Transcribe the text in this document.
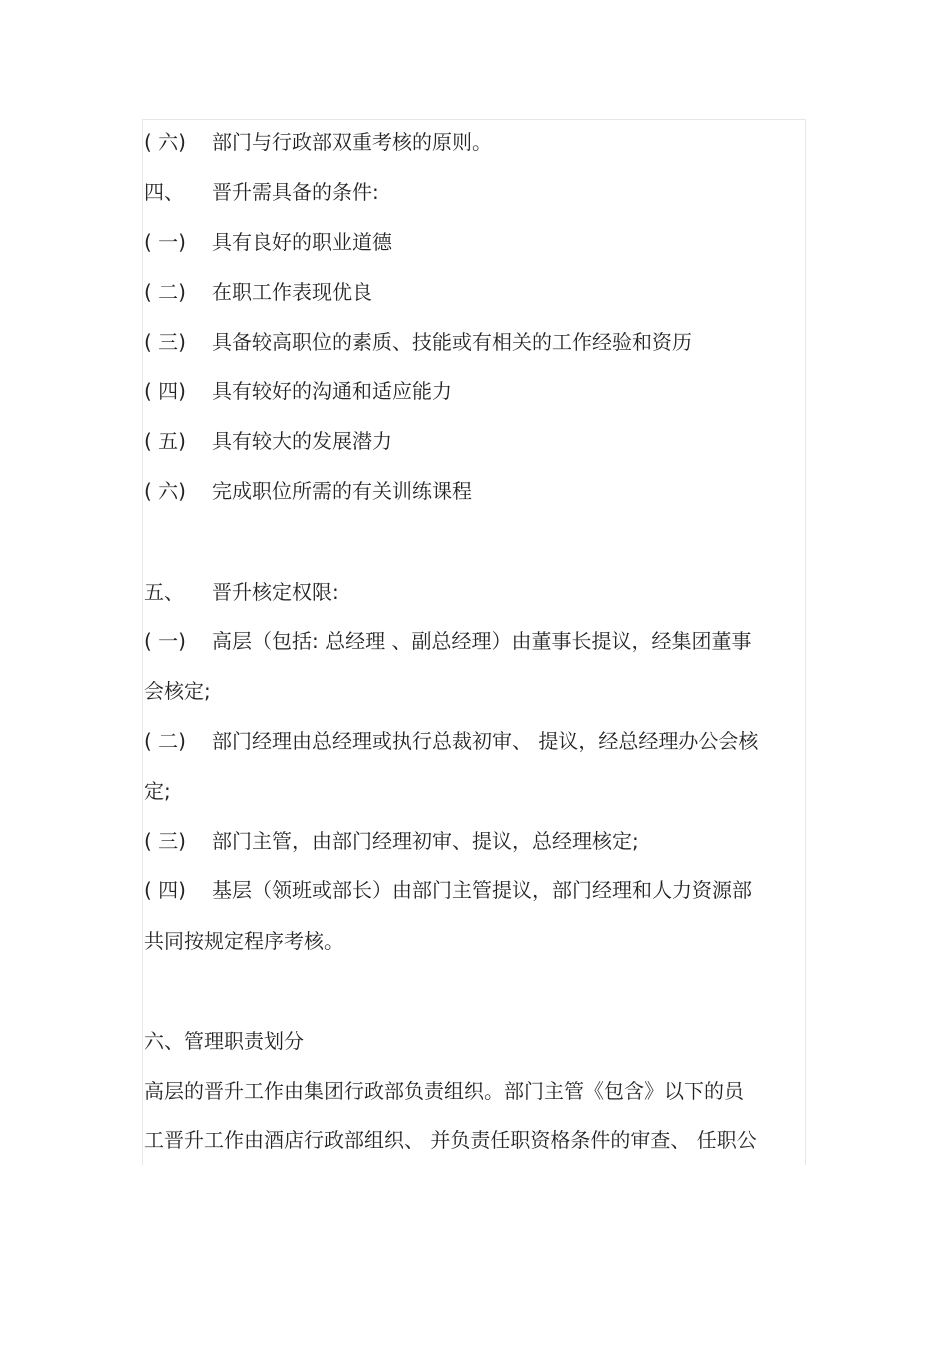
( 六) 部门与行政部双重考核的原则。
四、 晋升需具备的条件:
( 一) 具有良好的职业道德
( 二) 在职工作表现优良
( 三) 具备较高职位的素质、技能或有相关的工作经验和资历
( 四) 具有较好的沟通和适应能力
( 五) 具有较大的发展潜力
( 六) 完成职位所需的有关训练课程
五、 晋升核定权限:
( 一) 高层（包括: 总经理 、副总经理）由董事长提议，经集团董事
会核定;
( 二) 部门经理由总经理或执行总裁初审、 提议，经总经理办公会核
定;
( 三) 部门主管，由部门经理初审、提议，总经理核定;
( 四) 基层（领班或部长）由部门主管提议，部门经理和人力资源部
共同按规定程序考核。
六、管理职责划分
高层的晋升工作由集团行政部负责组织。部门主管《包含》以下的员
工晋升工作由酒店行政部组织、 并负责任职资格条件的审查、 任职公
